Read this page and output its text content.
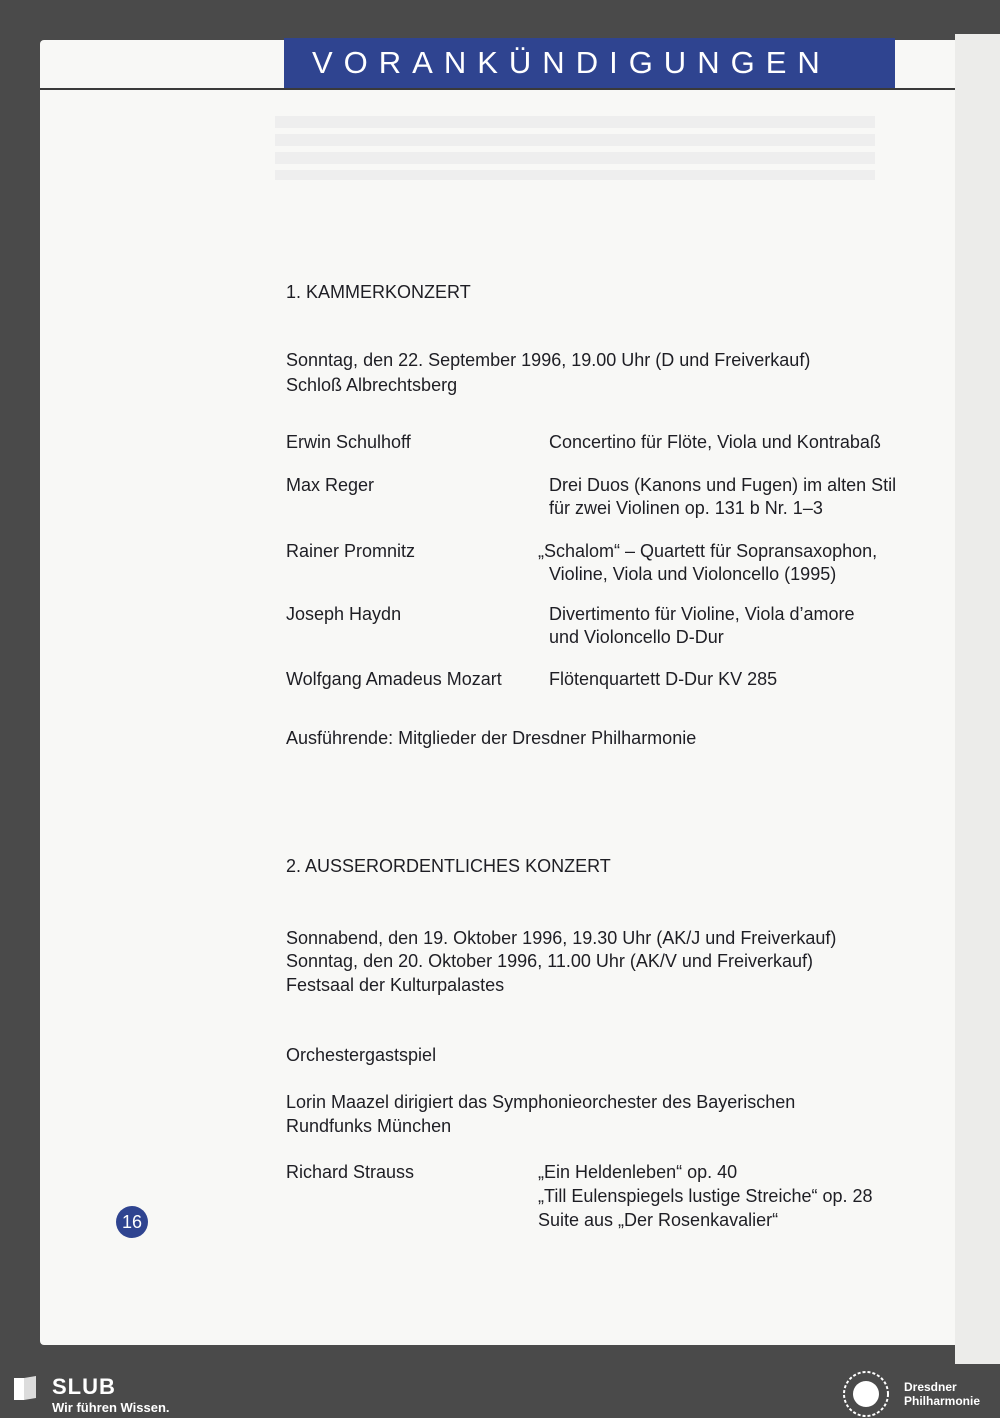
VORANKÜNDIGUNGEN
1. KAMMERKONZERT
Sonntag, den 22. September 1996, 19.00 Uhr (D und Freiverkauf)
Schloß Albrechtsberg
Erwin Schulhoff	Concertino für Flöte, Viola und Kontrabaß
Max Reger	Drei Duos (Kanons und Fugen) im alten Stil
für zwei Violinen op. 131 b Nr. 1–3
Rainer Promnitz	„Schalom“ – Quartett für Sopransaxophon,
Violine, Viola und Violoncello (1995)
Joseph Haydn	Divertimento für Violine, Viola d’amore
und Violoncello D-Dur
Wolfgang Amadeus Mozart	Flötenquartett D-Dur KV 285
Ausführende: Mitglieder der Dresdner Philharmonie
2. AUSSERORDENTLICHES KONZERT
Sonnabend, den 19. Oktober 1996, 19.30 Uhr (AK/J und Freiverkauf)
Sonntag, den 20. Oktober 1996, 11.00 Uhr (AK/V und Freiverkauf)
Festsaal der Kulturpalastes
Orchestergastspiel
Lorin Maazel dirigiert das Symphonieorchester des Bayerischen
Rundfunks München
Richard Strauss	„Ein Heldenleben“ op. 40
„Till Eulenspiegels lustige Streiche“ op. 28
Suite aus „Der Rosenkavalier“
16
SLUB
Wir führen Wissen.
Dresdner
Philharmonie
